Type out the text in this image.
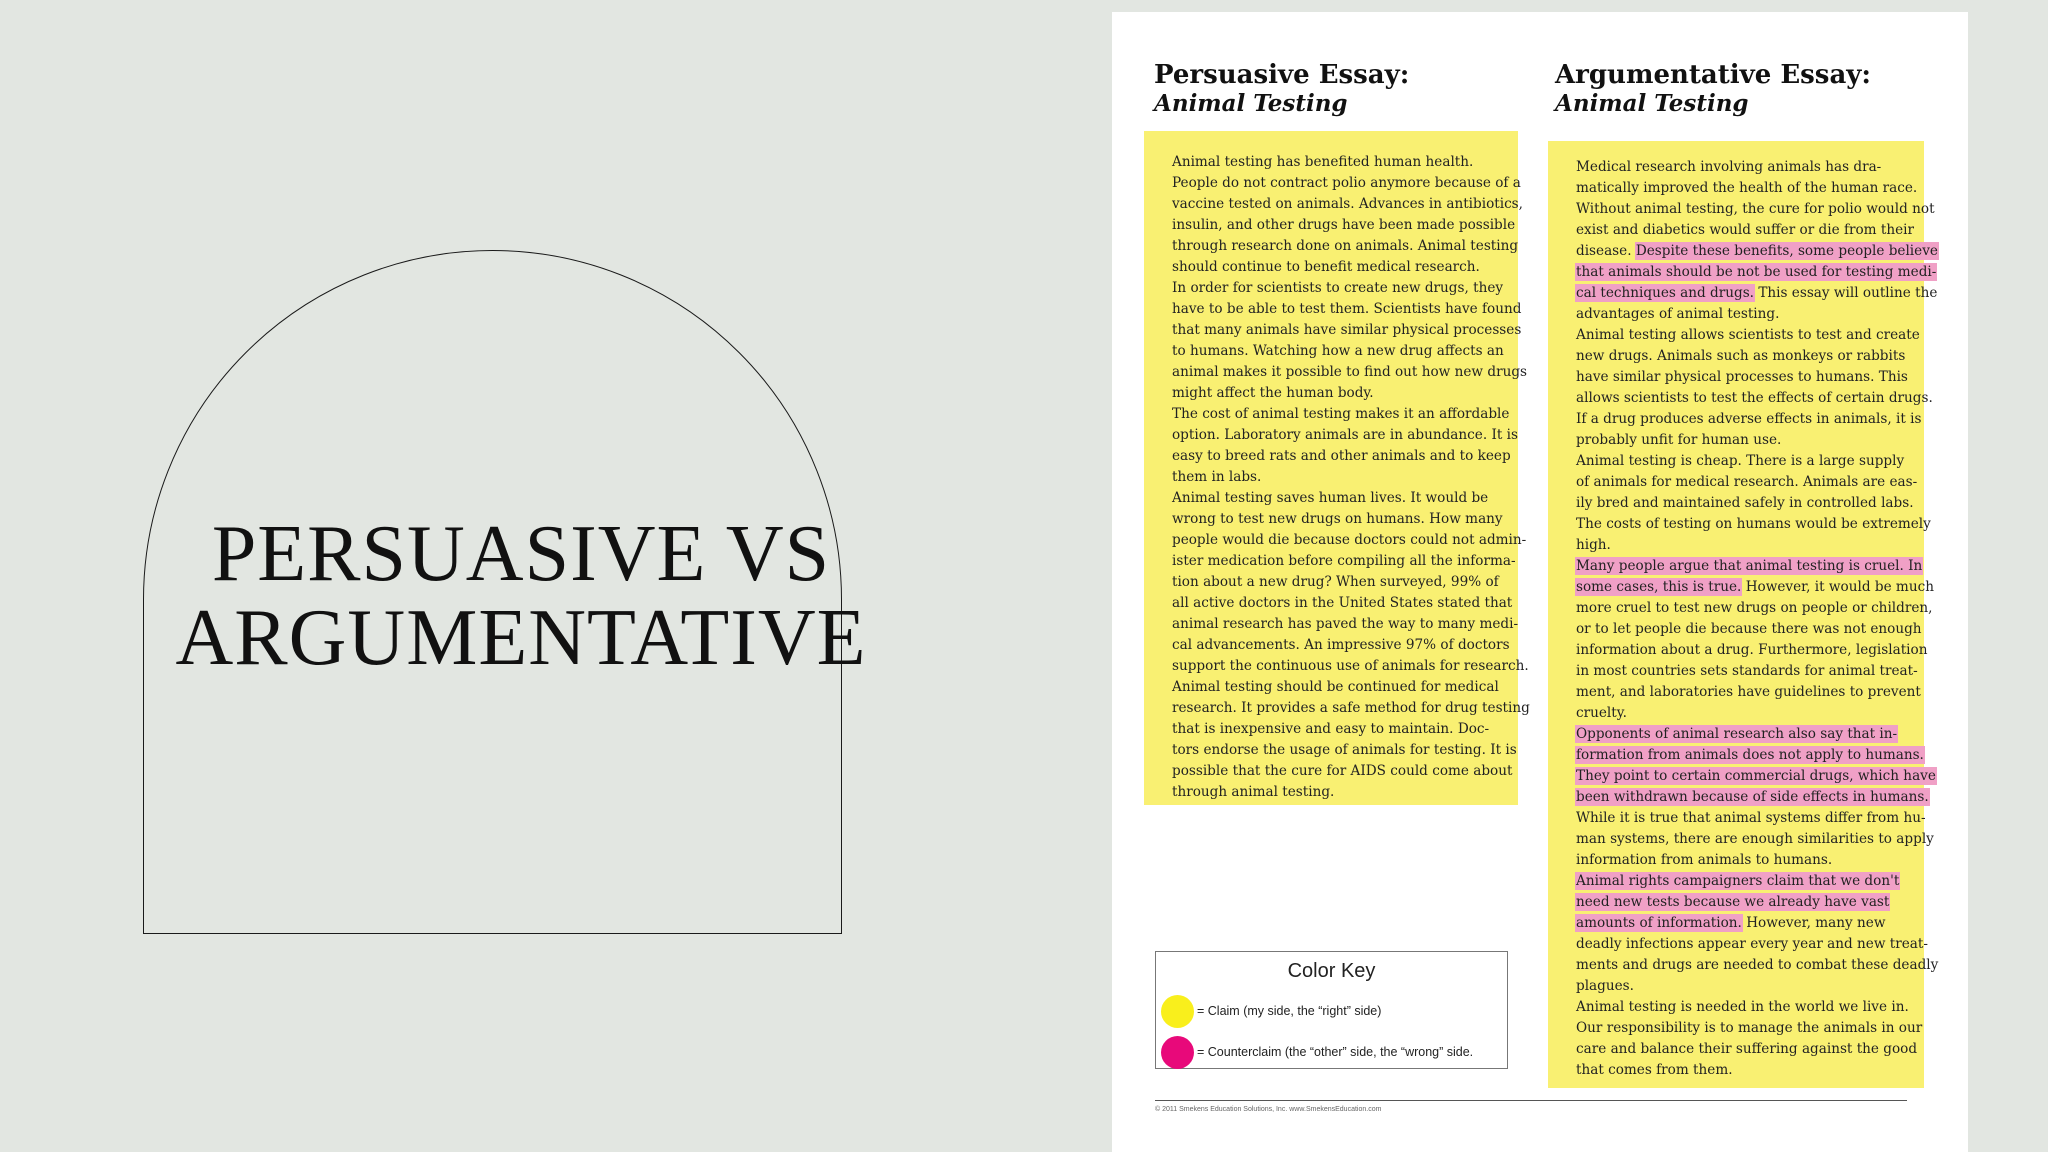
PERSUASIVE VS
ARGUMENTATIVE
Persuasive Essay:
Animal Testing
Argumentative Essay:
Animal Testing

Animal testing has benefited human health.
People do not contract polio anymore because of a
vaccine tested on animals. Advances in antibiotics,
insulin, and other drugs have been made possible
through research done on animals. Animal testing
should continue to benefit medical research.

In order for scientists to create new drugs, they
have to be able to test them. Scientists have found
that many animals have similar physical processes
to humans. Watching how a new drug affects an
animal makes it possible to find out how new drugs
might affect the human body.

The cost of animal testing makes it an affordable
option. Laboratory animals are in abundance. It is
easy to breed rats and other animals and to keep
them in labs.

Animal testing saves human lives. It would be
wrong to test new drugs on humans. How many
people would die because doctors could not admin-
ister medication before compiling all the informa-
tion about a new drug? When surveyed, 99% of
all active doctors in the United States stated that
animal research has paved the way to many medi-
cal advancements. An impressive 97% of doctors
support the continuous use of animals for research.

Animal testing should be continued for medical
research. It provides a safe method for drug testing
that is inexpensive and easy to maintain. Doc-
tors endorse the usage of animals for testing. It is
possible that the cure for AIDS could come about
through animal testing.

Medical research involving animals has dra-
matically improved the health of the human race.
Without animal testing, the cure for polio would not
exist and diabetics would suffer or die from their
disease. Despite these benefits, some people believe
that animals should be not be used for testing medi-
cal techniques and drugs. This essay will outline the
advantages of animal testing.

Animal testing allows scientists to test and create
new drugs. Animals such as monkeys or rabbits
have similar physical processes to humans. This
allows scientists to test the effects of certain drugs.
If a drug produces adverse effects in animals, it is
probably unfit for human use.

Animal testing is cheap. There is a large supply
of animals for medical research. Animals are eas-
ily bred and maintained safely in controlled labs.
The costs of testing on humans would be extremely
high.

Many people argue that animal testing is cruel. In
some cases, this is true. However, it would be much
more cruel to test new drugs on people or children,
or to let people die because there was not enough
information about a drug. Furthermore, legislation
in most countries sets standards for animal treat-
ment, and laboratories have guidelines to prevent
cruelty.

Opponents of animal research also say that in-
formation from animals does not apply to humans.
They point to certain commercial drugs, which have
been withdrawn because of side effects in humans.
While it is true that animal systems differ from hu-
man systems, there are enough similarities to apply
information from animals to humans.

Animal rights campaigners claim that we don't
need new tests because we already have vast
amounts of information. However, many new
deadly infections appear every year and new treat-
ments and drugs are needed to combat these deadly
plagues.

Animal testing is needed in the world we live in.
Our responsibility is to manage the animals in our
care and balance their suffering against the good
that comes from them.

Color Key
= Claim (my side, the “right” side)
= Counterclaim (the “other” side, the “wrong” side.
© 2011 Smekens Education Solutions, Inc. www.SmekensEducation.com
